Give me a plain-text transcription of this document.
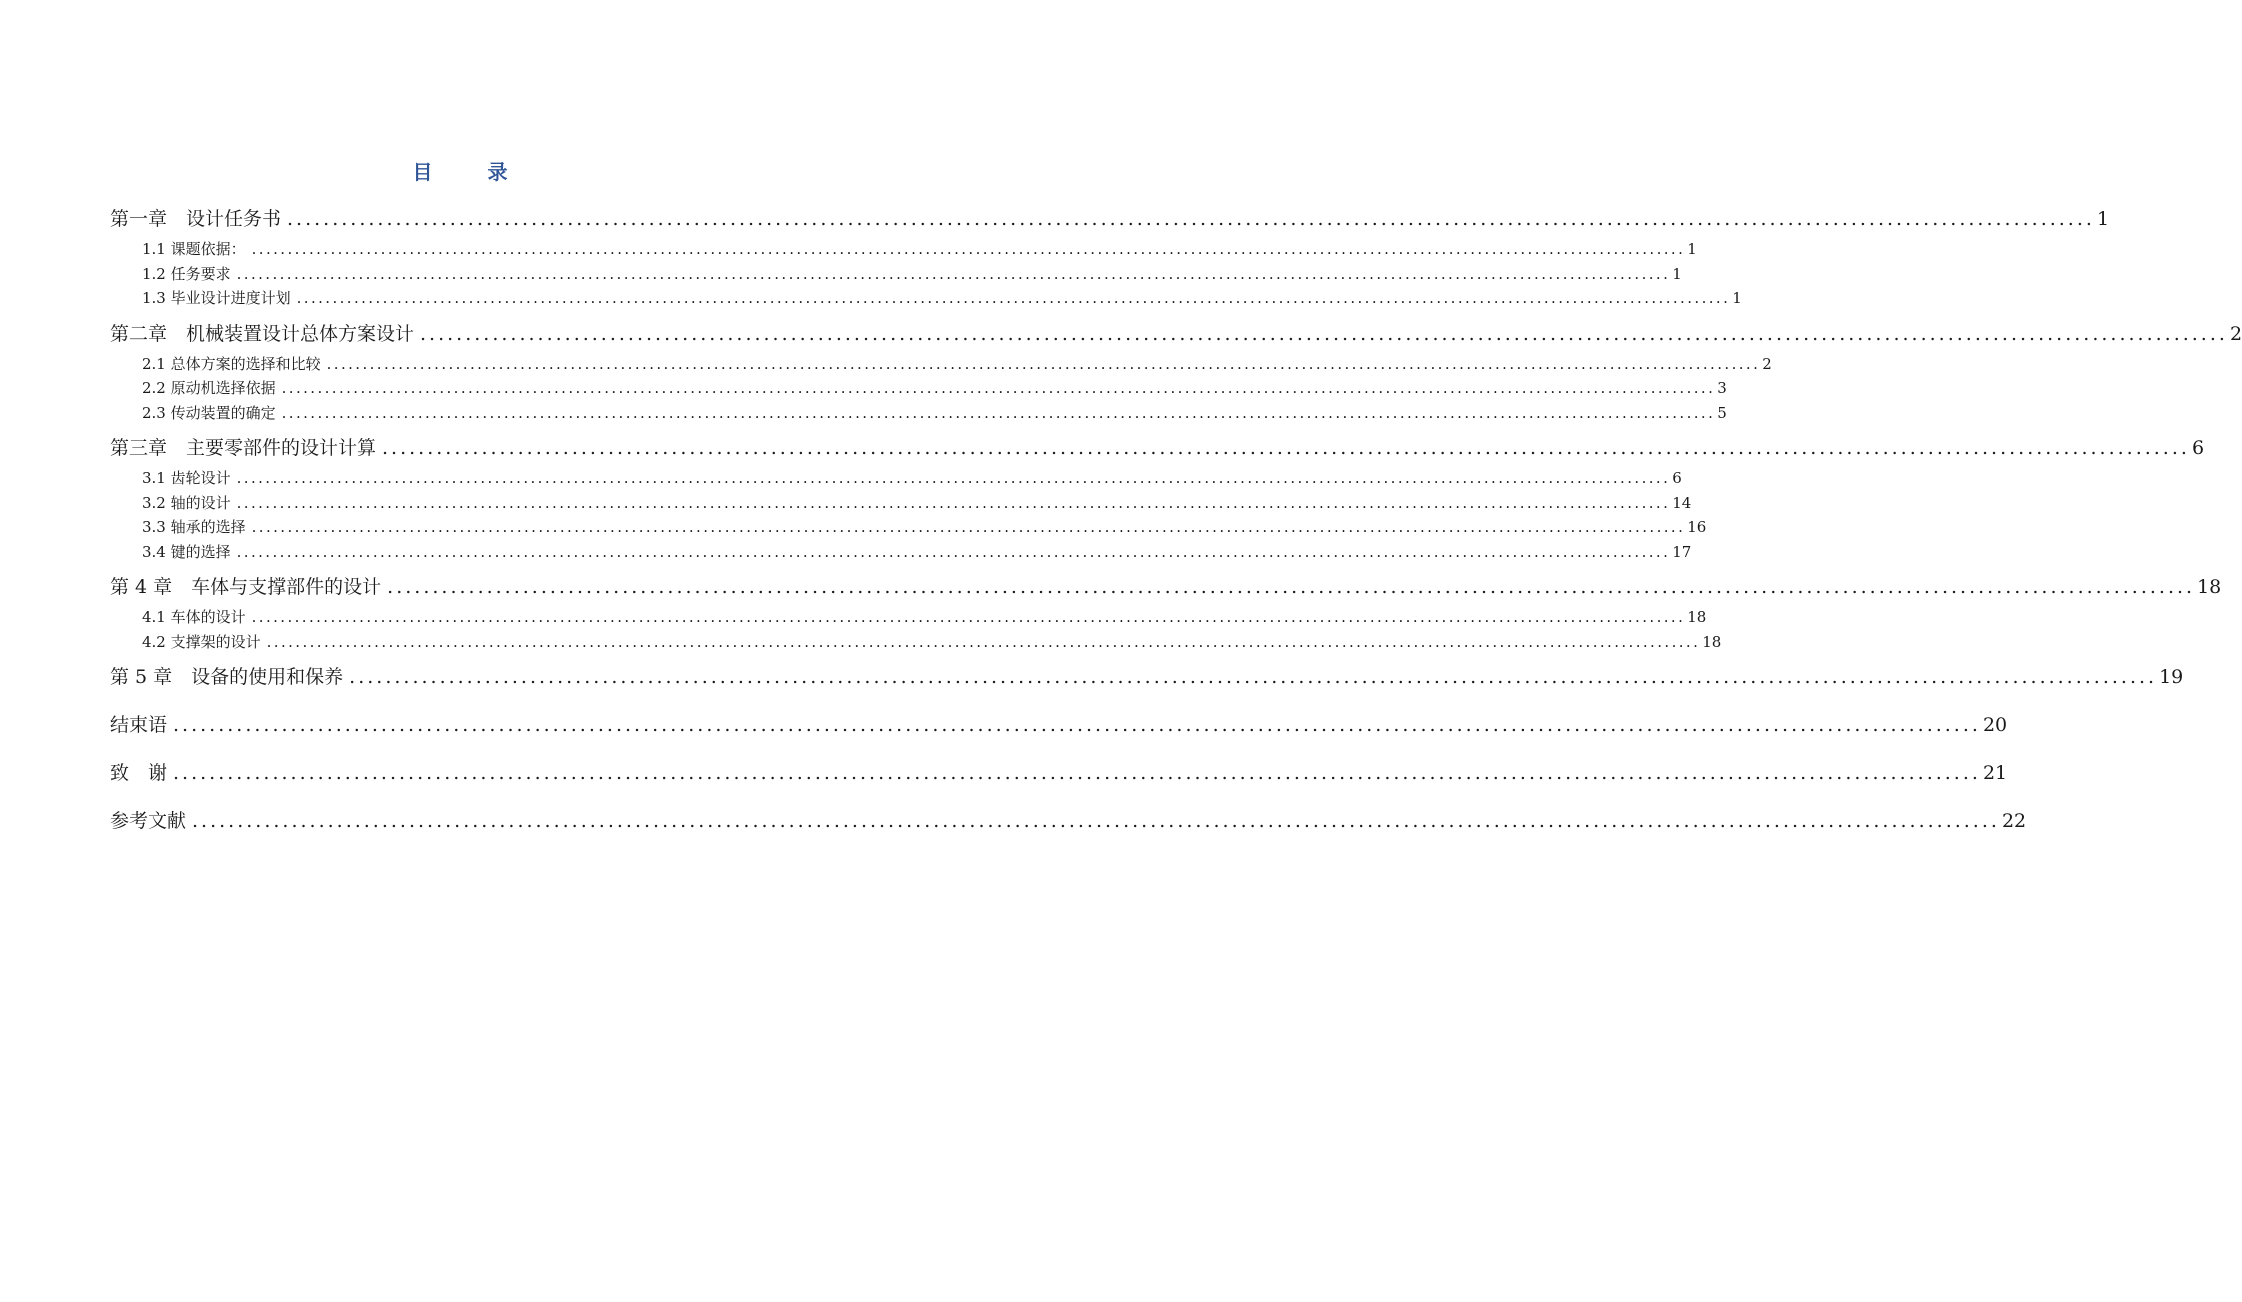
目 录
第一章　设计任务书 ........................................................................................................................................................................................................ 1
1.1 课题依据： ........................................................................................................................................................................................................ 1
1.2 任务要求 ........................................................................................................................................................................................................ 1
1.3 毕业设计进度计划 ........................................................................................................................................................................................................ 1
第二章　机械装置设计总体方案设计 ........................................................................................................................................................................................................ 2
2.1 总体方案的选择和比较 ........................................................................................................................................................................................................ 2
2.2 原动机选择依据 ........................................................................................................................................................................................................ 3
2.3 传动装置的确定 ........................................................................................................................................................................................................ 5
第三章　主要零部件的设计计算 ........................................................................................................................................................................................................ 6
3.1 齿轮设计 ........................................................................................................................................................................................................ 6
3.2 轴的设计 ........................................................................................................................................................................................................ 14
3.3 轴承的选择 ........................................................................................................................................................................................................ 16
3.4 键的选择 ........................................................................................................................................................................................................ 17
第 4 章　车体与支撑部件的设计 ........................................................................................................................................................................................................ 18
4.1 车体的设计 ........................................................................................................................................................................................................ 18
4.2 支撑架的设计 ........................................................................................................................................................................................................ 18
第 5 章　设备的使用和保养 ........................................................................................................................................................................................................ 19
结束语 ........................................................................................................................................................................................................ 20
致　谢 ........................................................................................................................................................................................................ 21
参考文献 ........................................................................................................................................................................................................ 22
